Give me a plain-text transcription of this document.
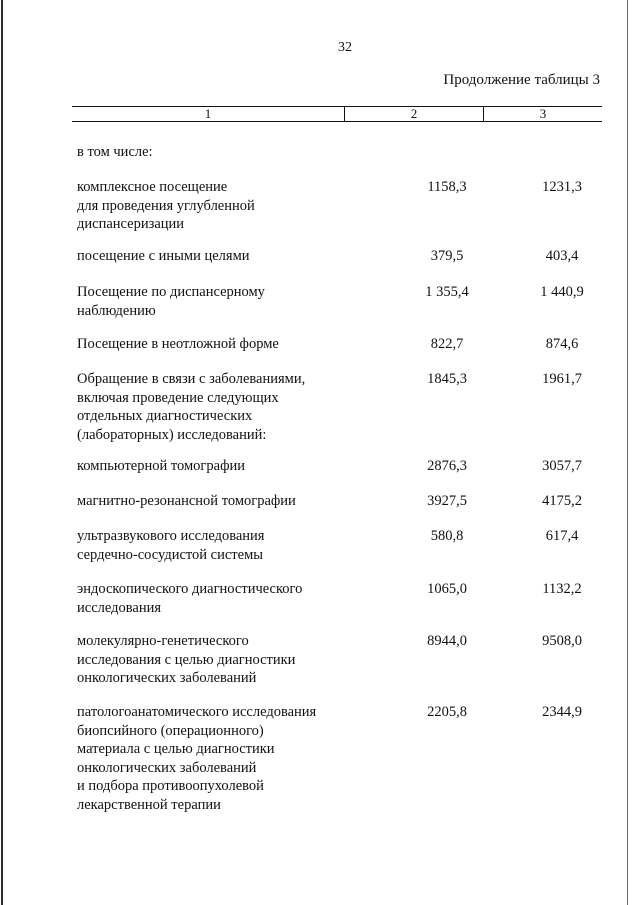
32
Продолжение таблицы 3
1	2	3
в том числе:
комплексное посещение
для проведения углубленной
диспансеризации
1158,3	1231,3
посещение с иными целями	379,5	403,4
Посещение по диспансерному
наблюдению
1 355,4	1 440,9
Посещение в неотложной форме	822,7	874,6
Обращение в связи с заболеваниями,
включая проведение следующих
отдельных диагностических
(лабораторных) исследований:
1845,3	1961,7
компьютерной томографии	2876,3	3057,7
магнитно-резонансной томографии	3927,5	4175,2
ультразвукового исследования
сердечно-сосудистой системы
580,8	617,4
эндоскопического диагностического
исследования
1065,0	1132,2
молекулярно-генетического
исследования с целью диагностики
онкологических заболеваний
8944,0	9508,0
патологоанатомического исследования
биопсийного (операционного)
материала с целью диагностики
онкологических заболеваний
и подбора противоопухолевой
лекарственной терапии
2205,8	2344,9
